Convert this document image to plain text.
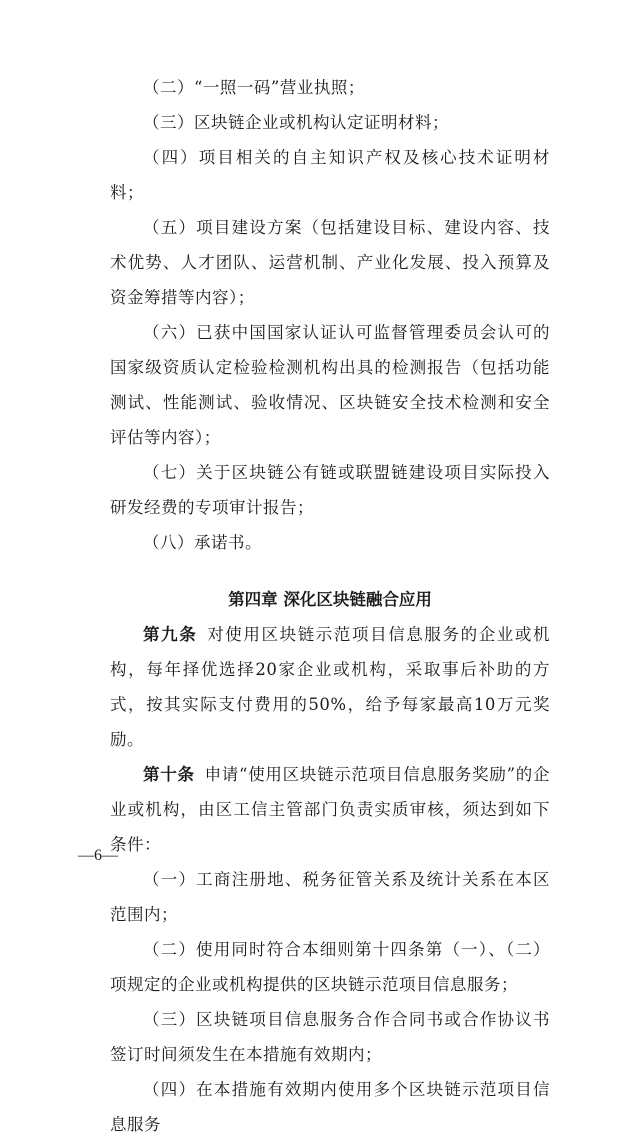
（二）“一照一码”营业执照；

（三）区块链企业或机构认定证明材料；

（四）项目相关的自主知识产权及核心技术证明材料；

（五）项目建设方案（包括建设目标、建设内容、技术优势、人才团队、运营机制、产业化发展、投入预算及资金筹措等内容）；

（六）已获中国国家认证认可监督管理委员会认可的国家级资质认定检验检测机构出具的检测报告（包括功能测试、性能测试、验收情况、区块链安全技术检测和安全评估等内容）；

（七）关于区块链公有链或联盟链建设项目实际投入研发经费的专项审计报告；

（八）承诺书。

第四章 深化区块链融合应用

第九条 对使用区块链示范项目信息服务的企业或机构，每年择优选择20家企业或机构，采取事后补助的方式，按其实际支付费用的50%，给予每家最高10万元奖励。

第十条 申请“使用区块链示范项目信息服务奖励”的企业或机构，由区工信主管部门负责实质审核，须达到如下条件：

（一）工商注册地、税务征管关系及统计关系在本区范围内；

（二）使用同时符合本细则第十四条第（一）、（二）项规定的企业或机构提供的区块链示范项目信息服务；

（三）区块链项目信息服务合作合同书或合作协议书签订时间须发生在本措施有效期内；

（四）在本措施有效期内使用多个区块链示范项目信息服务

—6—
